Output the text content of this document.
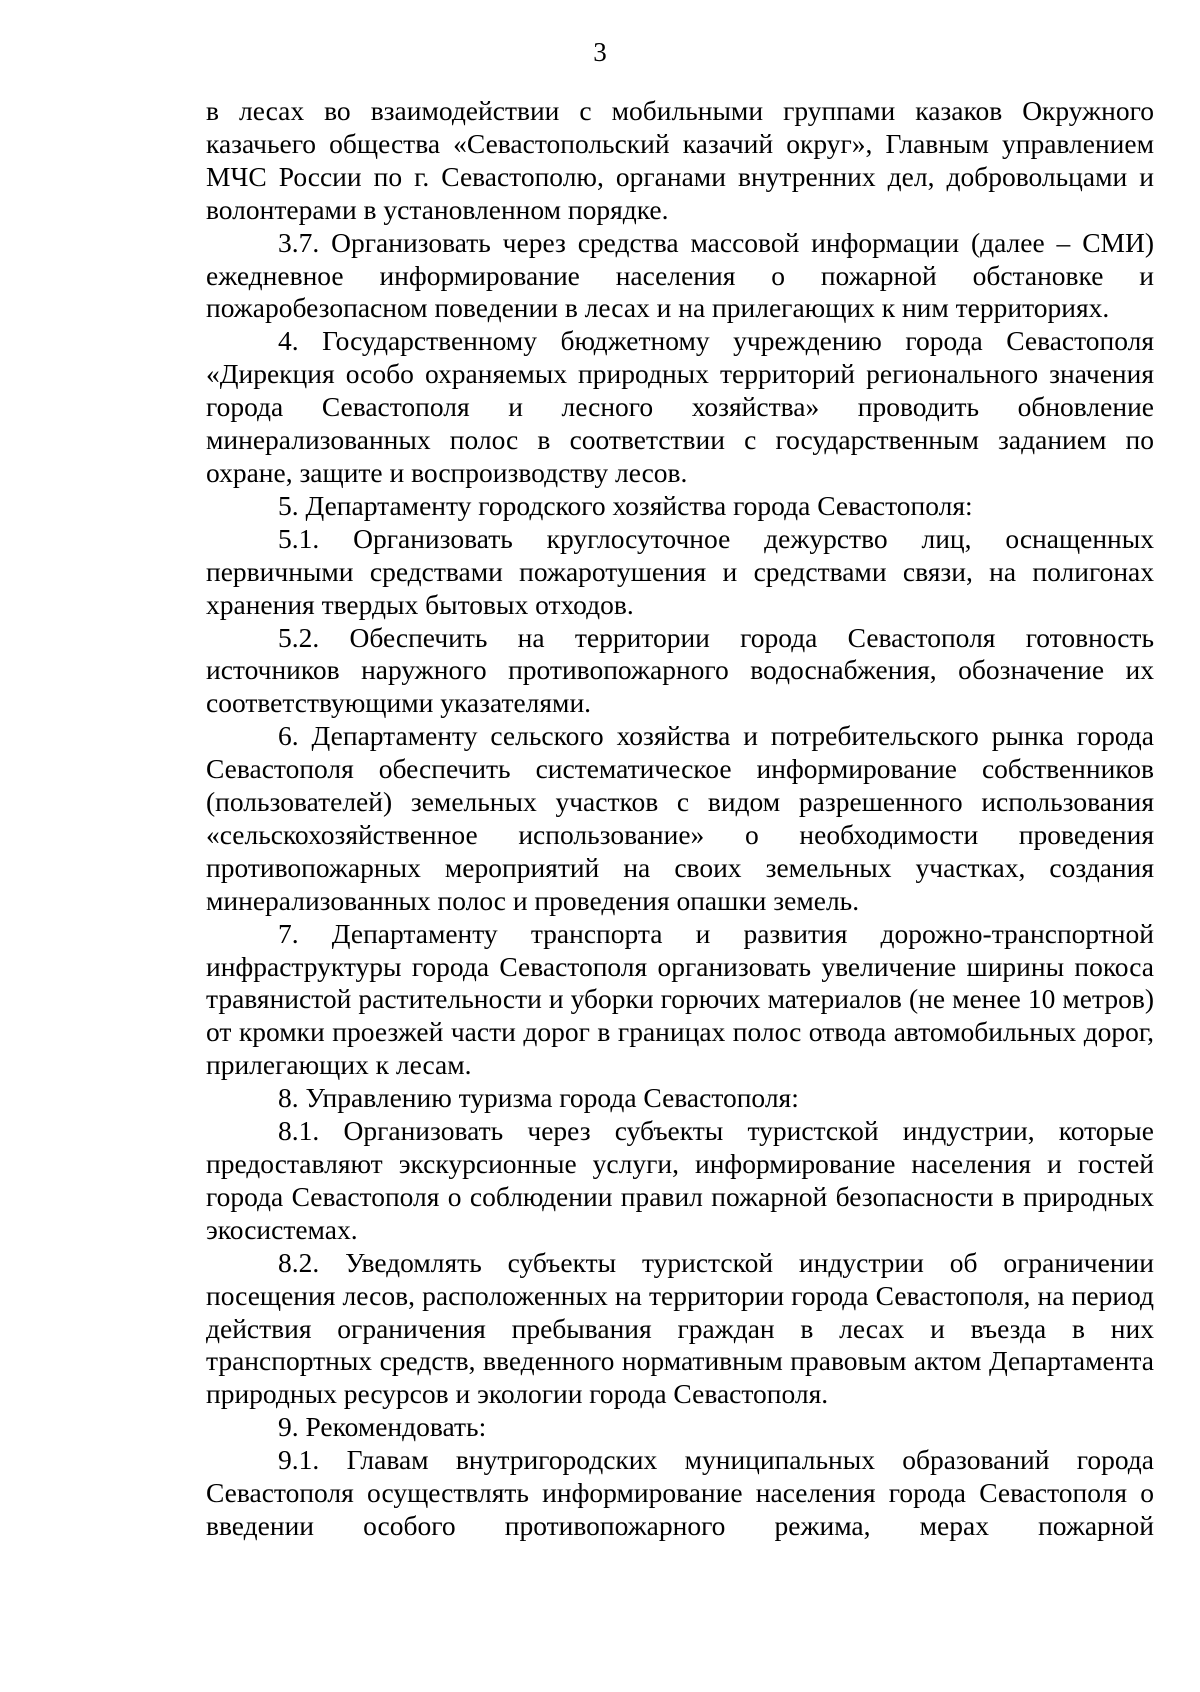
3

в лесах во взаимодействии с мобильными группами казаков Окружного казачьего общества «Севастопольский казачий округ», Главным управлением МЧС России по г. Севастополю, органами внутренних дел, добровольцами и волонтерами в установленном порядке.

3.7. Организовать через средства массовой информации (далее – СМИ) ежедневное информирование населения о пожарной обстановке и пожаробезопасном поведении в лесах и на прилегающих к ним территориях.

4. Государственному бюджетному учреждению города Севастополя «Дирекция особо охраняемых природных территорий регионального значения города Севастополя и лесного хозяйства» проводить обновление минерализованных полос в соответствии с государственным заданием по охране, защите и воспроизводству лесов.

5. Департаменту городского хозяйства города Севастополя:

5.1. Организовать круглосуточное дежурство лиц, оснащенных первичными средствами пожаротушения и средствами связи, на полигонах хранения твердых бытовых отходов.

5.2. Обеспечить на территории города Севастополя готовность источников наружного противопожарного водоснабжения, обозначение их соответствующими указателями.

6. Департаменту сельского хозяйства и потребительского рынка города Севастополя обеспечить систематическое информирование собственников (пользователей) земельных участков с видом разрешенного использования «сельскохозяйственное использование» о необходимости проведения противопожарных мероприятий на своих земельных участках, создания минерализованных полос и проведения опашки земель.

7. Департаменту транспорта и развития дорожно-транспортной инфраструктуры города Севастополя организовать увеличение ширины покоса травянистой растительности и уборки горючих материалов (не менее 10 метров) от кромки проезжей части дорог в границах полос отвода автомобильных дорог, прилегающих к лесам.

8. Управлению туризма города Севастополя:

8.1. Организовать через субъекты туристской индустрии, которые предоставляют экскурсионные услуги, информирование населения и гостей города Севастополя о соблюдении правил пожарной безопасности в природных экосистемах.

8.2. Уведомлять субъекты туристской индустрии об ограничении посещения лесов, расположенных на территории города Севастополя, на период действия ограничения пребывания граждан в лесах и въезда в них транспортных средств, введенного нормативным правовым актом Департамента природных ресурсов и экологии города Севастополя.

9. Рекомендовать:

9.1. Главам внутригородских муниципальных образований города Севастополя осуществлять информирование населения города Севастополя о введении особого противопожарного режима, мерах пожарной
